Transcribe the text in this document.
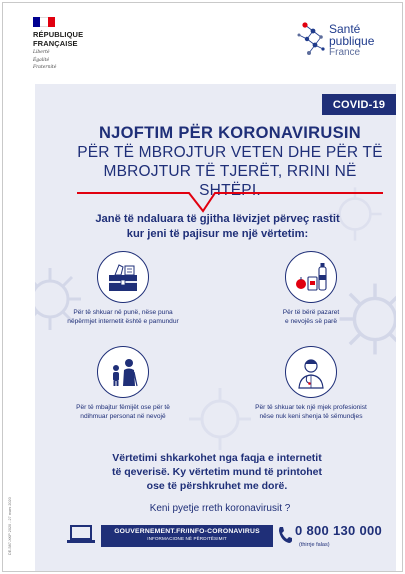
RÉPUBLIQUE
FRANÇAISE
Liberté
Égalité
Fraternité
Santé
publique
France
COVID-19
NJOFTIM PËR KORONAVIRUSIN
PËR TË MBROJTUR VETEN DHE PËR TË
MBROJTUR TË TJERËT, RRINI NË SHTËPI.
Janë të ndaluara të gjitha lëvizjet përveç rastit
kur jeni të pajisur me një vërtetim:
Për të shkuar në punë, nëse puna
nëpërmjet internetit është e pamundur
Për të bërë pazaret
e nevojës së parë
Për të mbajtur fëmijët ose për të
ndihmuar personat në nevojë
Për të shkuar tek një mjek profesionist
nëse nuk keni shenja të sëmundjes
Vërtetimi shkarkohet nga faqja e internetit
të qeverisë. Ky vërtetim mund të printohet
ose të përshkruhet me dorë.
Keni pyetje rreth koronavirusit ?
GOUVERNEMENT.FR/INFO-CORONAVIRUS
INFORMACIONE NË PËRDITËSIMIT
0 800 130 000
(thirrje falas)
DE-587-XKP 2020 - 27 mars 2020
